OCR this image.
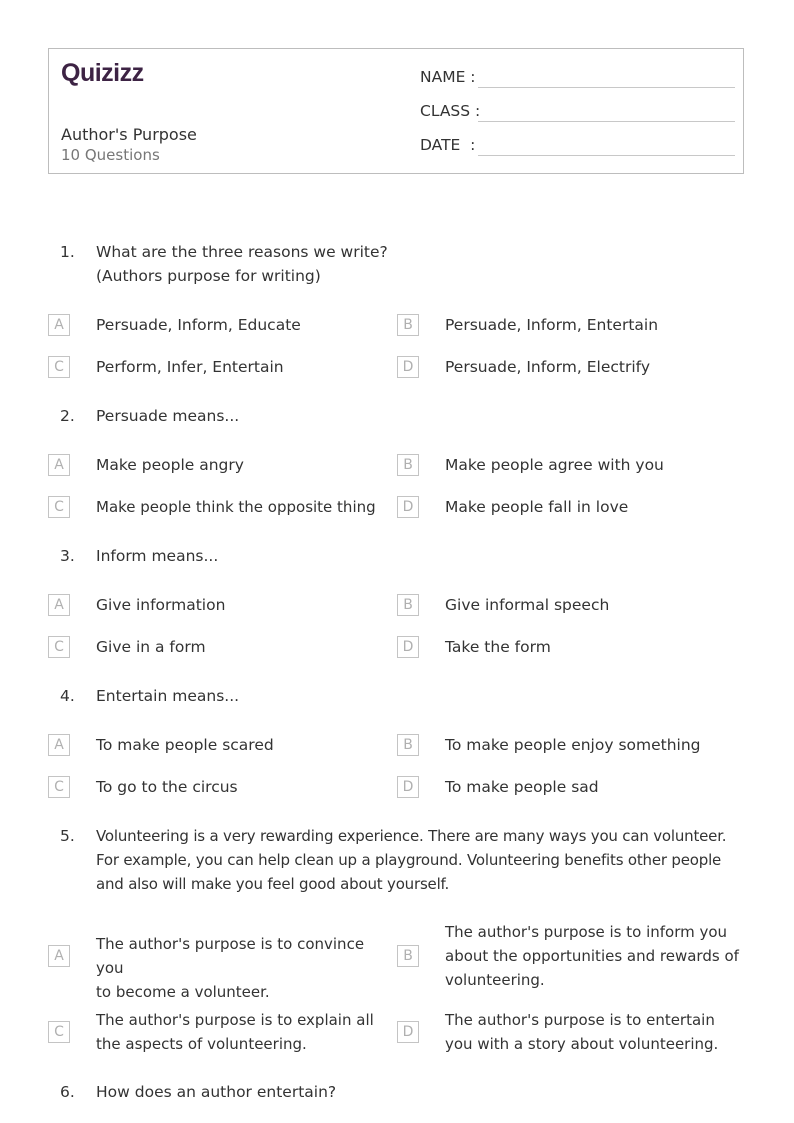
Quizizz
Author's Purpose
10 Questions
NAME :
CLASS :
DATE  :
1.	What are the three reasons we write?
(Authors purpose for writing)
A	Persuade, Inform, Educate	B	Persuade, Inform, Entertain
C	Perform, Infer, Entertain	D	Persuade, Inform, Electrify
2.	Persuade means...
A	Make people angry	B	Make people agree with you
C	Make people think the opposite thing	D	Make people fall in love
3.	Inform means...
A	Give information	B	Give informal speech
C	Give in a form	D	Take the form
4.	Entertain means...
A	To make people scared	B	To make people enjoy something
C	To go to the circus	D	To make people sad
5.	Volunteering is a very rewarding experience. There are many ways you can volunteer.
For example, you can help clean up a playground. Volunteering benefits other people
and also will make you feel good about yourself.
A
The author's purpose is to convince you
to become a volunteer.
B
The author's purpose is to inform you
about the opportunities and rewards of
volunteering.
C
The author's purpose is to explain all
the aspects of volunteering.
D
The author's purpose is to entertain
you with a story about volunteering.
6.	How does an author entertain?
